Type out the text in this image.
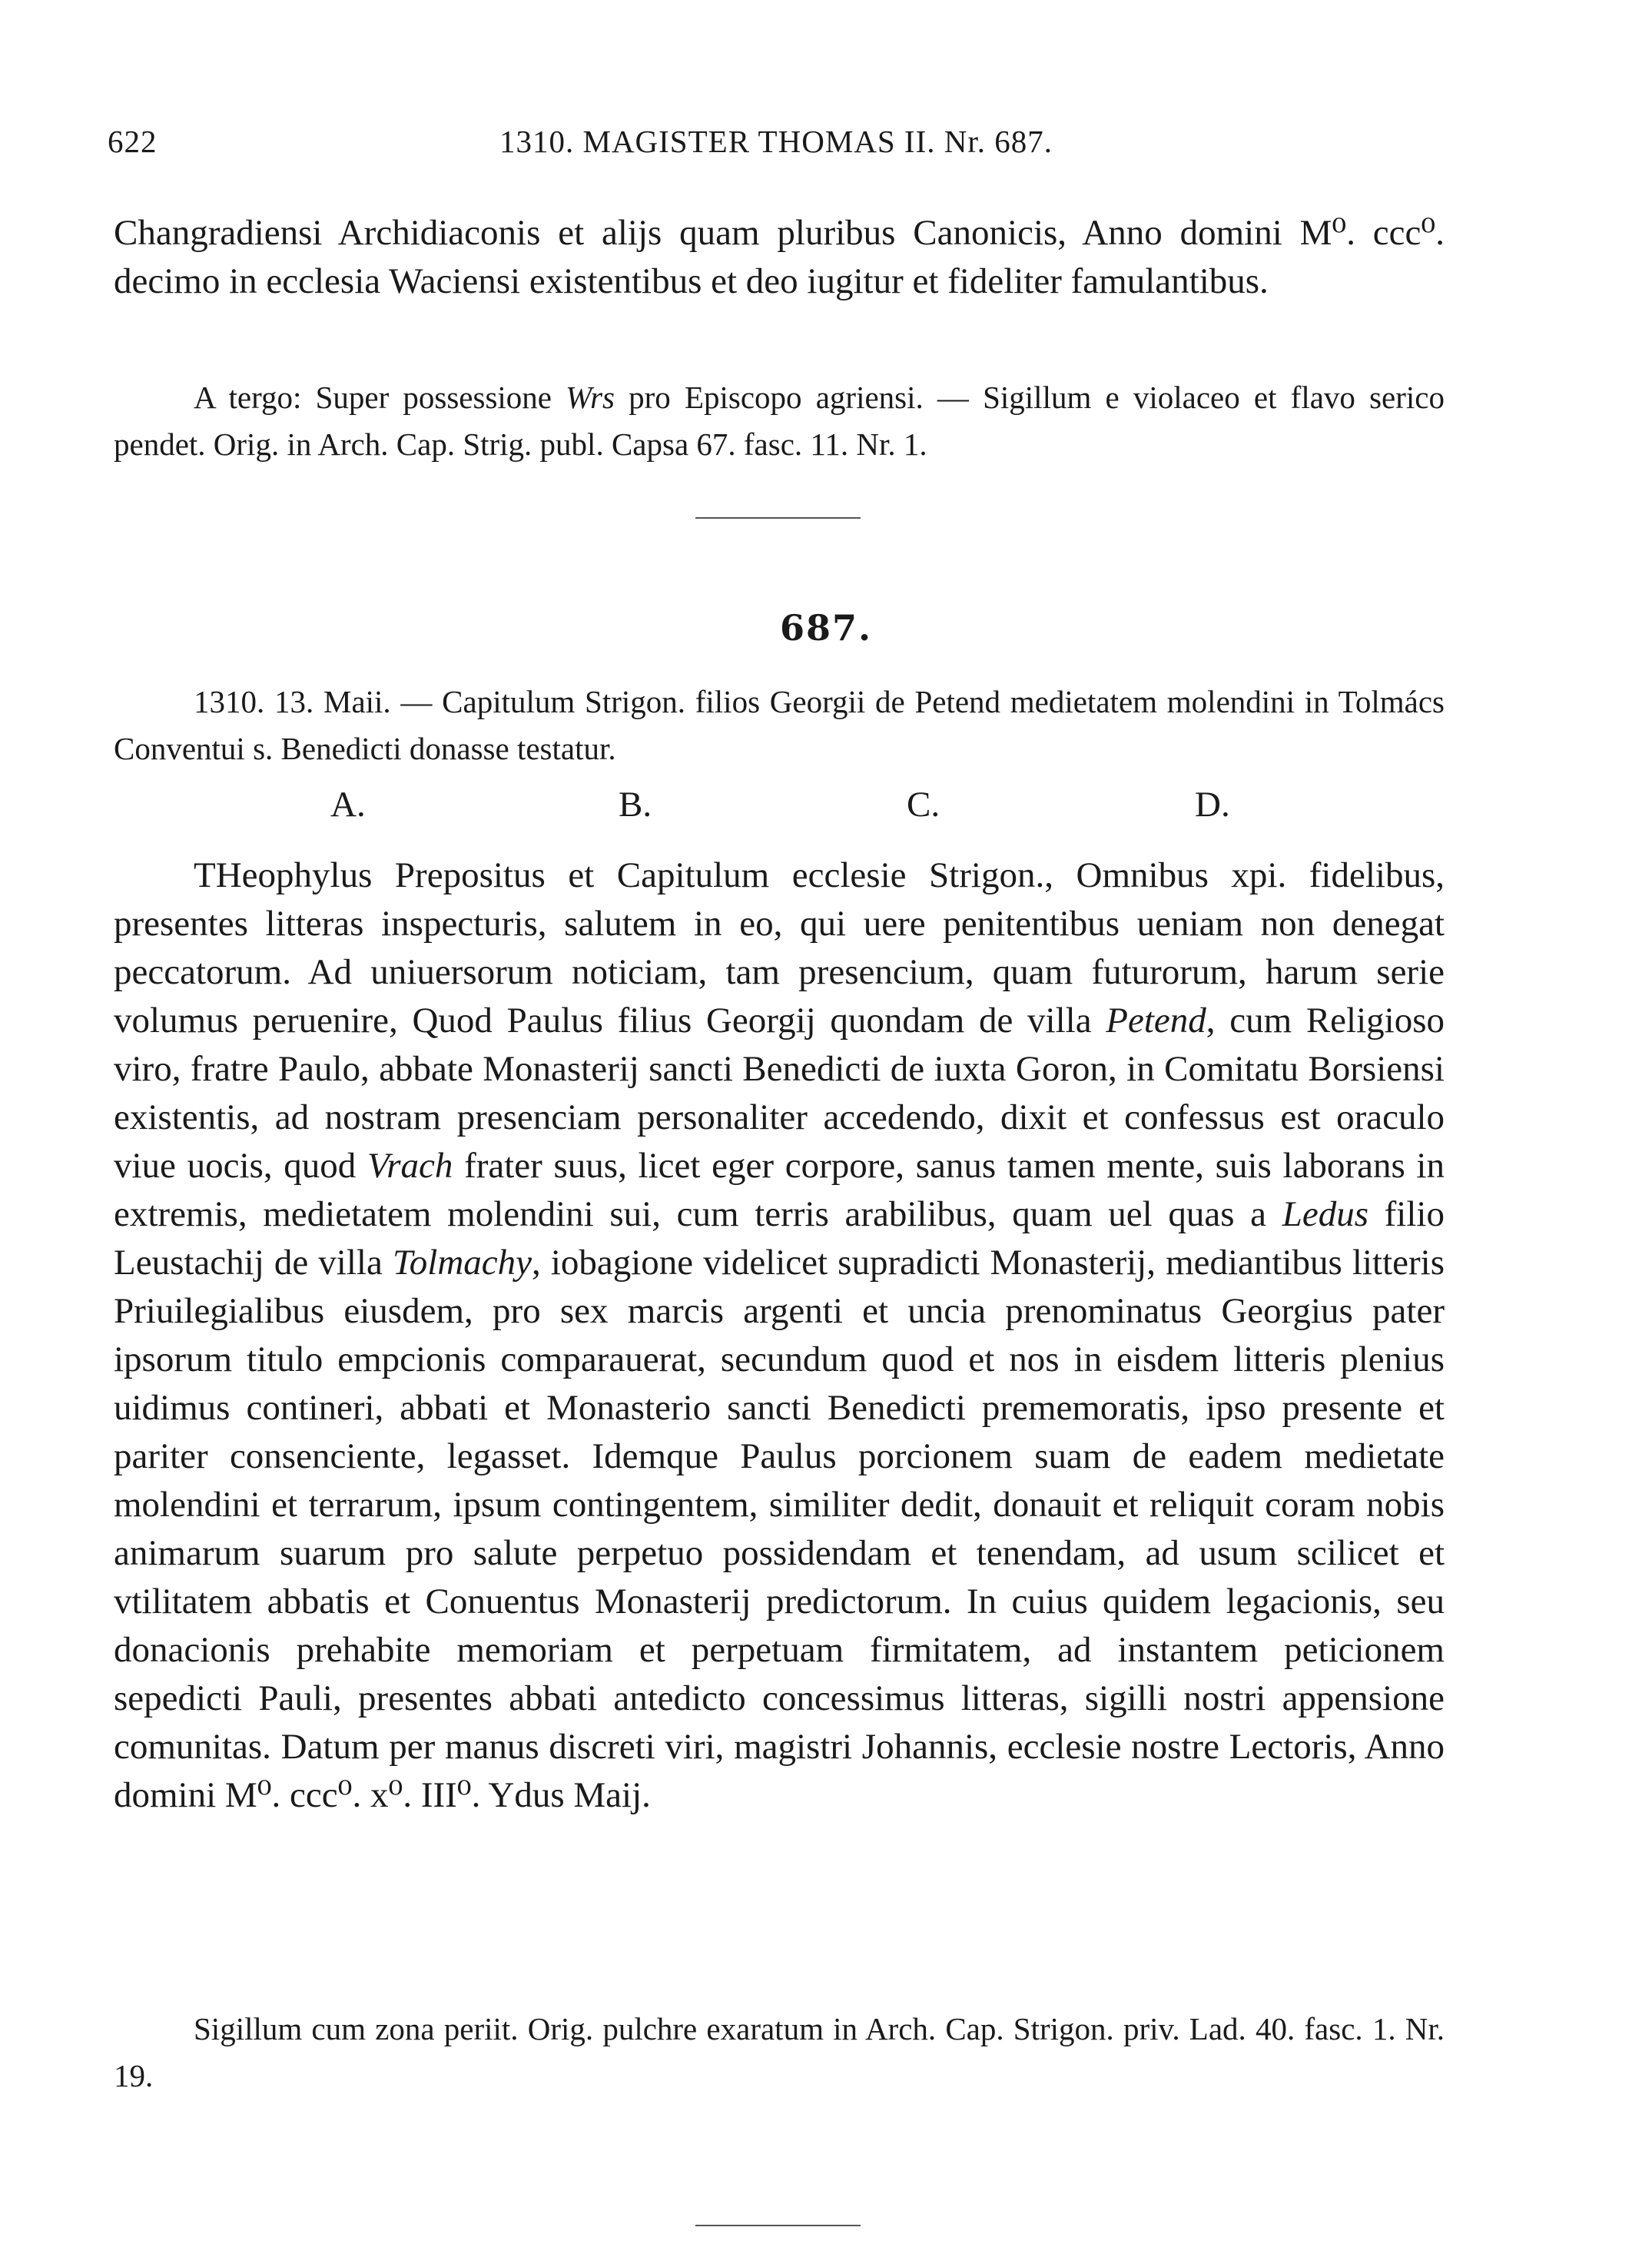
622	1310. MAGISTER THOMAS II. Nr. 687.
Changradiensi Archidiaconis et alijs quam pluribus Canonicis, Anno domini M⁰. ccc⁰. decimo in ecclesia Waciensi existentibus et deo iugitur et fideliter famulantibus.
A tergo: Super possessione Wrs pro Episcopo agriensi. — Sigillum e violaceo et flavo serico pendet. Orig. in Arch. Cap. Strig. publ. Capsa 67. fasc. 11. Nr. 1.
687.
1310. 13. Maii. — Capitulum Strigon. filios Georgii de Petend medietatem molendini in Tolmács Conventui s. Benedicti donasse testatur.
A.	B.	C.	D.
THeophylus Prepositus et Capitulum ecclesie Strigon., Omnibus xpi. fidelibus, presentes litteras inspecturis, salutem in eo, qui uere penitentibus ueniam non denegat peccatorum. Ad uniuersorum noticiam, tam presencium, quam futurorum, harum serie volumus peruenire, Quod Paulus filius Georgij quondam de villa Petend, cum Religioso viro, fratre Paulo, abbate Monasterij sancti Benedicti de iuxta Goron, in Comitatu Borsiensi existentis, ad nostram presenciam personaliter accedendo, dixit et confessus est oraculo viue uocis, quod Vrach frater suus, licet eger corpore, sanus tamen mente, suis laborans in extremis, medietatem molendini sui, cum terris arabilibus, quam uel quas a Ledus filio Leustachij de villa Tolmachy, iobagione videlicet supradicti Monasterij, mediantibus litteris Priuilegialibus eiusdem, pro sex marcis argenti et uncia prenominatus Georgius pater ipsorum titulo empcionis comparauerat, secundum quod et nos in eisdem litteris plenius uidimus contineri, abbati et Monasterio sancti Benedicti prememoratis, ipso presente et pariter consenciente, legasset. Idemque Paulus porcionem suam de eadem medietate molendini et terrarum, ipsum contingentem, similiter dedit, donauit et reliquit coram nobis animarum suarum pro salute perpetuo possidendam et tenendam, ad usum scilicet et vtilitatem abbatis et Conuentus Monasterij predictorum. In cuius quidem legacionis, seu donacionis prehabite memoriam et perpetuam firmitatem, ad instantem peticionem sepedicti Pauli, presentes abbati antedicto concessimus litteras, sigilli nostri appensione comunitas. Datum per manus discreti viri, magistri Johannis, ecclesie nostre Lectoris, Anno domini M⁰. ccc⁰. x⁰. III⁰. Ydus Maij.
Sigillum cum zona periit. Orig. pulchre exaratum in Arch. Cap. Strigon. priv. Lad. 40. fasc. 1. Nr. 19.
